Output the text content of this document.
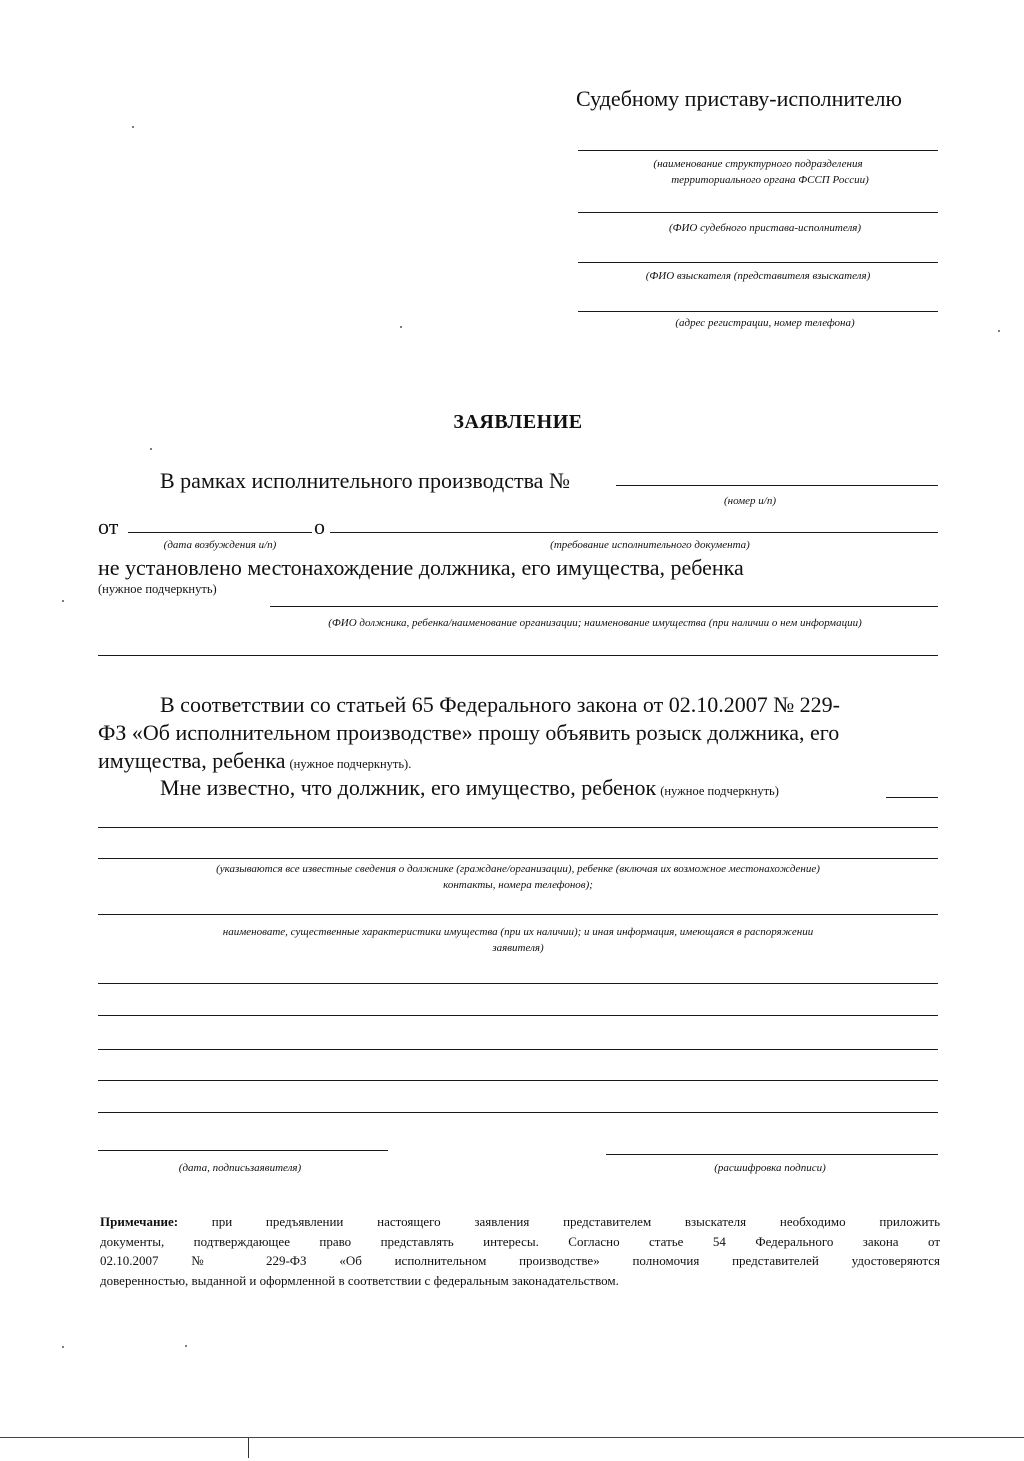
Судебному приставу-исполнителю
(наименование структурного подразделения
территориального органа ФССП России)
(ФИО судебного пристава-исполнителя)
(ФИО взыскателя (представителя взыскателя)
(адрес регистрации, номер телефона)
ЗАЯВЛЕНИЕ
В рамках исполнительного производства №
(номер и/п)
от	о
(дата возбуждения и/п)	(требование исполнительного документа)
не установлено местонахождение должника, его имущества, ребенка
(нужное подчеркнуть)
(ФИО должника, ребенка/наименование организации; наименование имущества (при наличии о нем информации)
В соответствии со статьей 65 Федерального закона от 02.10.2007 № 229-
ФЗ «Об исполнительном производстве» прошу объявить розыск должника, его
имущества, ребенка (нужное подчеркнуть).
Мне известно, что должник, его имущество, ребенок (нужное подчеркнуть)
(указываются все известные сведения о должнике (граждане/организации), ребенке (включая их возможное местонахождение)
контакты, номера телефонов);
наименовате, существенные характеристики имущества (при их наличии); и иная информация, имеющаяся в распоряжении
заявителя)
(дата, подписьзаявителя)	(расшифровка подписи)
Примечание:	при предъявлении настоящего заявления представителем взыскателя необходимо приложить
документы, подтверждающее право представлять интересы. Согласно статье 54 Федерального закона от
02.10.2007 № 229-ФЗ «Об исполнительном производстве» полномочия представителей удостоверяются
доверенностью, выданной и оформленной в соответствии с федеральным законадательством.
